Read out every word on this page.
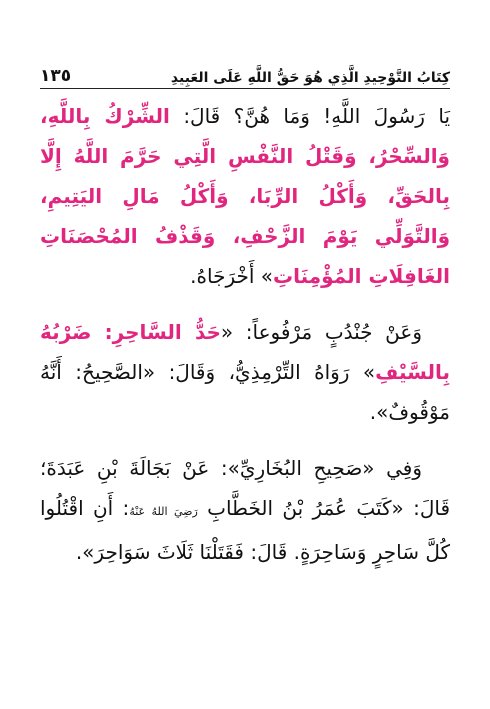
١٣٥	كِتَابُ التَّوْحِيدِ الَّذِي هُوَ حَقُّ اللَّهِ عَلَى العَبِيدِ

يَا رَسُولَ اللَّهِ! وَمَا هُنَّ؟ قَالَ: الشِّرْكُ بِاللَّهِ، وَالسِّحْرُ، وَقَتْلُ النَّفْسِ الَّتِي حَرَّمَ اللَّهُ إِلَّا بِالحَقِّ، وَأَكْلُ الرِّبَا، وَأَكْلُ مَالِ اليَتِيمِ، وَالتَّوَلِّي يَوْمَ الزَّحْفِ، وَقَذْفُ المُحْصَنَاتِ الغَافِلَاتِ المُؤْمِنَاتِ» أَخْرَجَاهُ.

وَعَنْ جُنْدُبٍ مَرْفُوعاً: «حَدُّ السَّاحِرِ: ضَرْبُهُ بِالسَّيْفِ» رَوَاهُ التِّرْمِذِيُّ، وَقَالَ: «الصَّحِيحُ: أَنَّهُ مَوْقُوفٌ».

وَفِي «صَحِيحِ البُخَارِيِّ»: عَنْ بَجَالَةَ بْنِ عَبَدَةَ؛ قَالَ: «كَتَبَ عُمَرُ بْنُ الخَطَّابِ رَضِيَ اللهُ عَنْهُ: أَنِ اقْتُلُوا كُلَّ سَاحِرٍ وَسَاحِرَةٍ. قَالَ: فَقَتَلْنَا ثَلَاثَ سَوَاحِرَ».
